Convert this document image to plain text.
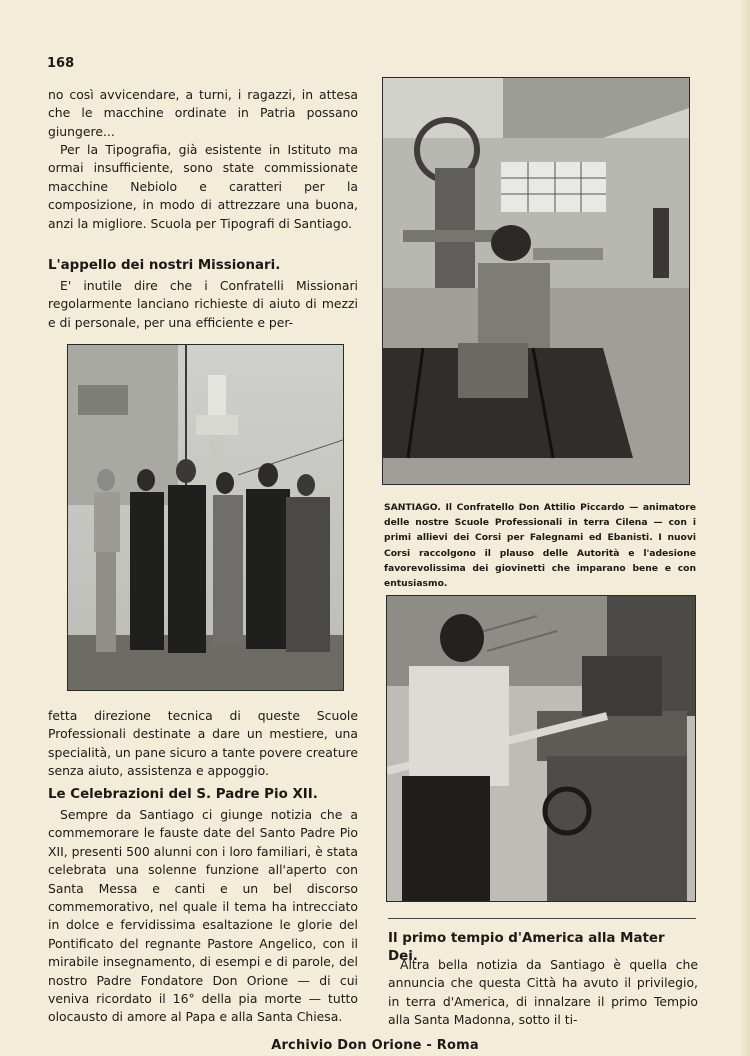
168

no così avvicendare, a turni, i ragazzi, in attesa che le macchine ordinate in Patria possano giungere...

Per la Tipografia, già esistente in Istituto ma ormai insufficiente, sono state commissionate macchine Nebiolo e caratteri per la composizione, in modo di attrezzare una buona, anzi la migliore. Scuola per Tipografi di Santiago.

L'appello dei nostri Missionari.

E' inutile dire che i Confratelli Missionari regolarmente lanciano richieste di aiuto di mezzi e di personale, per una efficiente e per-

fetta direzione tecnica di queste Scuole Professionali destinate a dare un mestiere, una specialità, un pane sicuro a tante povere creature senza aiuto, assistenza e appoggio.

Le Celebrazioni del S. Padre Pio XII.

Sempre da Santiago ci giunge notizia che a commemorare le fauste date del Santo Padre Pio XII, presenti 500 alunni con i loro familiari, è stata celebrata una solenne funzione all'aperto con Santa Messa e canti e un bel discorso commemorativo, nel quale il tema ha intrecciato in dolce e fervidissima esaltazione le glorie del Pontificato del regnante Pastore Angelico, con il mirabile insegnamento, di esempi e di parole, del nostro Padre Fondatore Don Orione — di cui veniva ricordato il 16° della pia morte — tutto olocausto di amore al Papa e alla Santa Chiesa.

SANTIAGO. Il Confratello Don Attilio Piccardo — animatore delle nostre Scuole Professionali in terra Cilena — con i primi allievi dei Corsi per Falegnami ed Ebanisti. I nuovi Corsi raccolgono il plauso delle Autorità e l'adesione favorevolissima dei giovinetti che imparano bene e con entusiasmo.

Il primo tempio d'America alla Mater Dei.

Altra bella notizia da Santiago è quella che annuncia che questa Città ha avuto il privilegio, in terra d'America, di innalzare il primo Tempio alla Santa Madonna, sotto il ti-

Archivio Don Orione - Roma
